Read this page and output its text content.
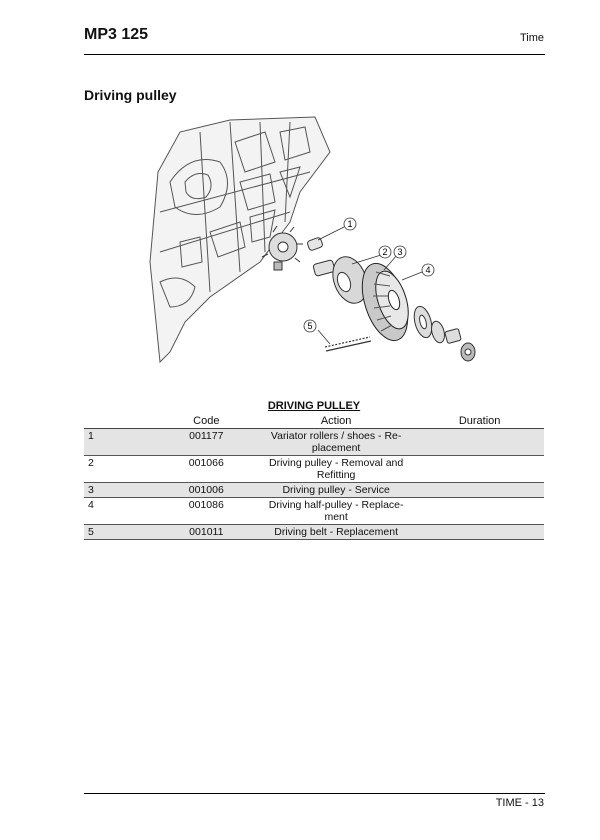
MP3 125	Time
Driving pulley
1
2 3
4
5
DRIVING PULLEY
	Code	Action	Duration
1	001177	Variator rollers / shoes - Re-
placement	
2	001066	Driving pulley - Removal and
Refitting	
3	001006	Driving pulley - Service	
4	001086	Driving half-pulley - Replace-
ment	
5	001011	Driving belt - Replacement	
TIME - 13
